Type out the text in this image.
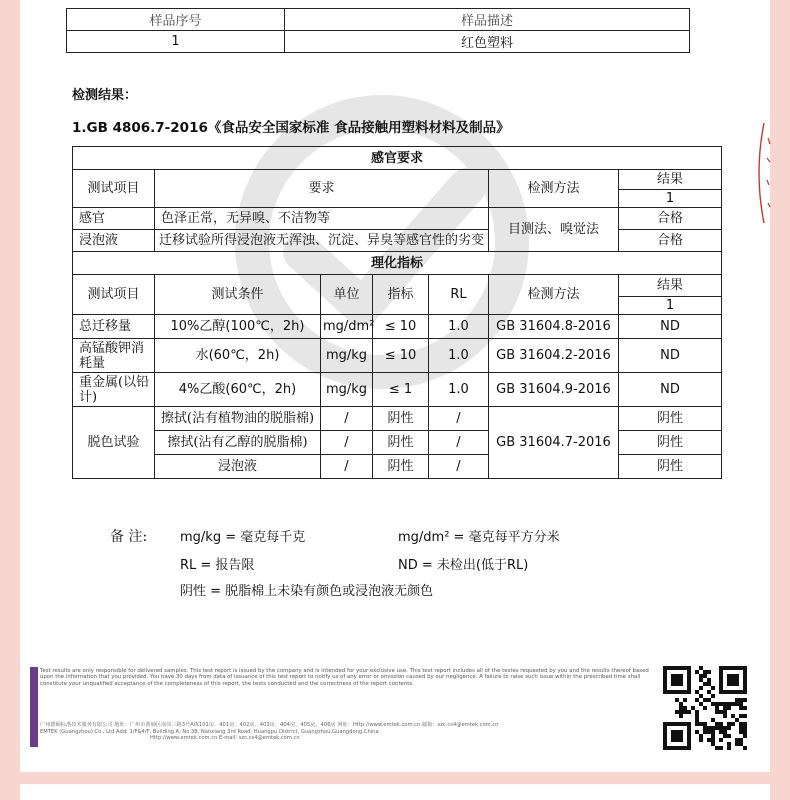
样品序号	样品描述
1	红色塑料
检测结果：
1.GB 4806.7-2016《食品安全国家标准 食品接触用塑料材料及制品》
感官要求						
测试项目	要求				检测方法	结果
						1
感官	色泽正常，无异嗅、不洁物等				目测法、嗅觉法	合格
浸泡液	迁移试验所得浸泡液无浑浊、沉淀、异臭等感官性的劣变					合格
理化指标						
测试项目	测试条件	单位	指标	RL	检测方法	结果
						1
总迁移量	10%乙醇(100℃，2h)	mg/dm²	≤ 10	1.0	GB 31604.8-2016	ND
高锰酸钾消耗量	水(60℃，2h)	mg/kg	≤ 10	1.0	GB 31604.2-2016	ND
重金属(以铅计)	4%乙酸(60℃，2h)	mg/kg	≤ 1	1.0	GB 31604.9-2016	ND
脱色试验	擦拭(沾有植物油的脱脂棉)	/	阴性	/	GB 31604.7-2016	阴性
	擦拭(沾有乙醇的脱脂棉)	/	阴性	/		阴性
	浸泡液	/	阴性	/		阴性
备 注:	mg/kg = 毫克每千克	mg/dm² = 毫克每平方分米
RL = 报告限	ND = 未检出(低于RL)
阴性 = 脱脂棉上未染有颜色或浸泡液无颜色
Test results are only responsible for delivered samples. This test report is issued by the company and is intended for your exclusive use. This test report includes all of the testes requested by you and the results thereof based upon the information that you provided. You have 30 days from data of issuance of this test report to notify us of any error or omission caused by our negligence. A failure to raise such issue within the prescribed time shall constitute your unqualified acceptance of the completeness of this report, the tests conducted and the correctness of the report contents.
广州德颐标准技术服务有限公司 地址：广州市黄埔区南岗三路3号A栋101房、401房、402房、403房、404房、405房、406房 网址：Http://www.emtek.com.cn 邮箱：szc.cs4@emtek.com.cn
EMTEK (Guangzhou) Co., Ltd Add: 1/F&4/F, Building A, No.38, Nanxiang 3rd Road, Huangpu District, Guangzhou,Guangdong,China
Http://www.emtek.com.cn E-mail: szc.cs4@emtek.com.cn
